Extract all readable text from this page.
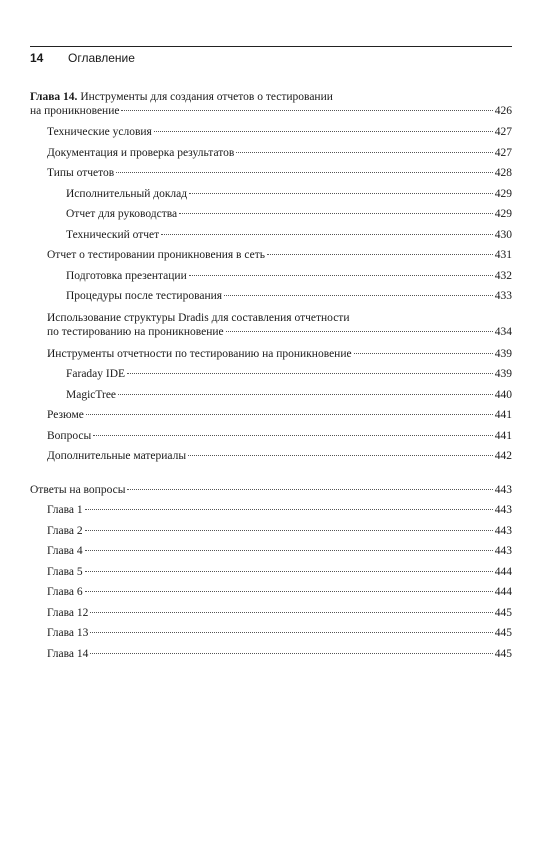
14 Оглавление
Глава 14. Инструменты для создания отчетов о тестировании
на проникновение	426
Технические условия	427
Документация и проверка результатов	427
Типы отчетов	428
Исполнительный доклад	429
Отчет для руководства	429
Технический отчет	430
Отчет о тестировании проникновения в сеть	431
Подготовка презентации	432
Процедуры после тестирования	433
Использование структуры Dradis для составления отчетности
по тестированию на проникновение	434
Инструменты отчетности по тестированию на проникновение	439
Faraday IDE	439
MagicTree	440
Резюме	441
Вопросы	441
Дополнительные материалы	442
Ответы на вопросы	443
Глава 1	443
Глава 2	443
Глава 4	443
Глава 5	444
Глава 6	444
Глава 12	445
Глава 13	445
Глава 14	445
